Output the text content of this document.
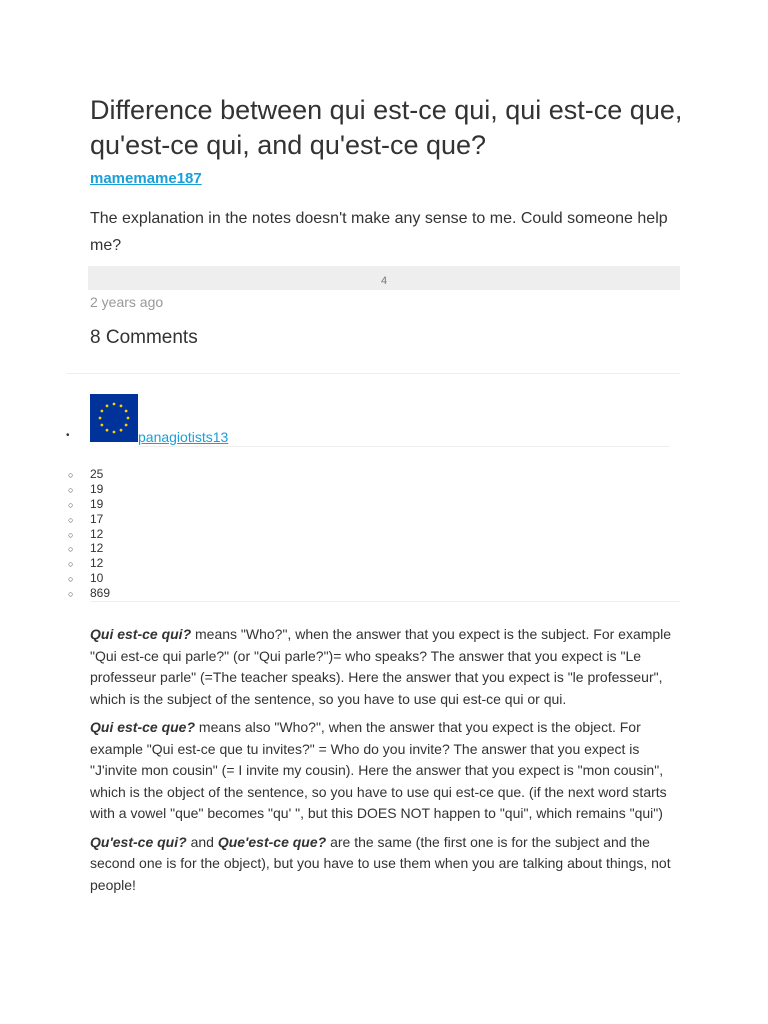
Difference between qui est-ce qui, qui est-ce que, qu'est-ce qui, and qu'est-ce que?
mamemame187

The explanation in the notes doesn't make any sense to me. Could someone help me?

4
2 years ago
8 Comments
•	panagiotists13
○ 25
○ 19
○ 19
○ 17
○ 12
○ 12
○ 12
○ 10
○ 869

Qui est-ce qui? means "Who?", when the answer that you expect is the subject. For example "Qui est-ce qui parle?" (or "Qui parle?")= who speaks? The answer that you expect is "Le professeur parle" (=The teacher speaks). Here the answer that you expect is "le professeur", which is the subject of the sentence, so you have to use qui est-ce qui or qui.

Qui est-ce que? means also "Who?", when the answer that you expect is the object. For example "Qui est-ce que tu invites?" = Who do you invite? The answer that you expect is "J'invite mon cousin" (= I invite my cousin). Here the answer that you expect is "mon cousin", which is the object of the sentence, so you have to use qui est-ce que. (if the next word starts with a vowel "que" becomes "qu' ", but this DOES NOT happen to "qui", which remains "qui")

Qu'est-ce qui? and Que'est-ce que? are the same (the first one is for the subject and the second one is for the object), but you have to use them when you are talking about things, not people!
